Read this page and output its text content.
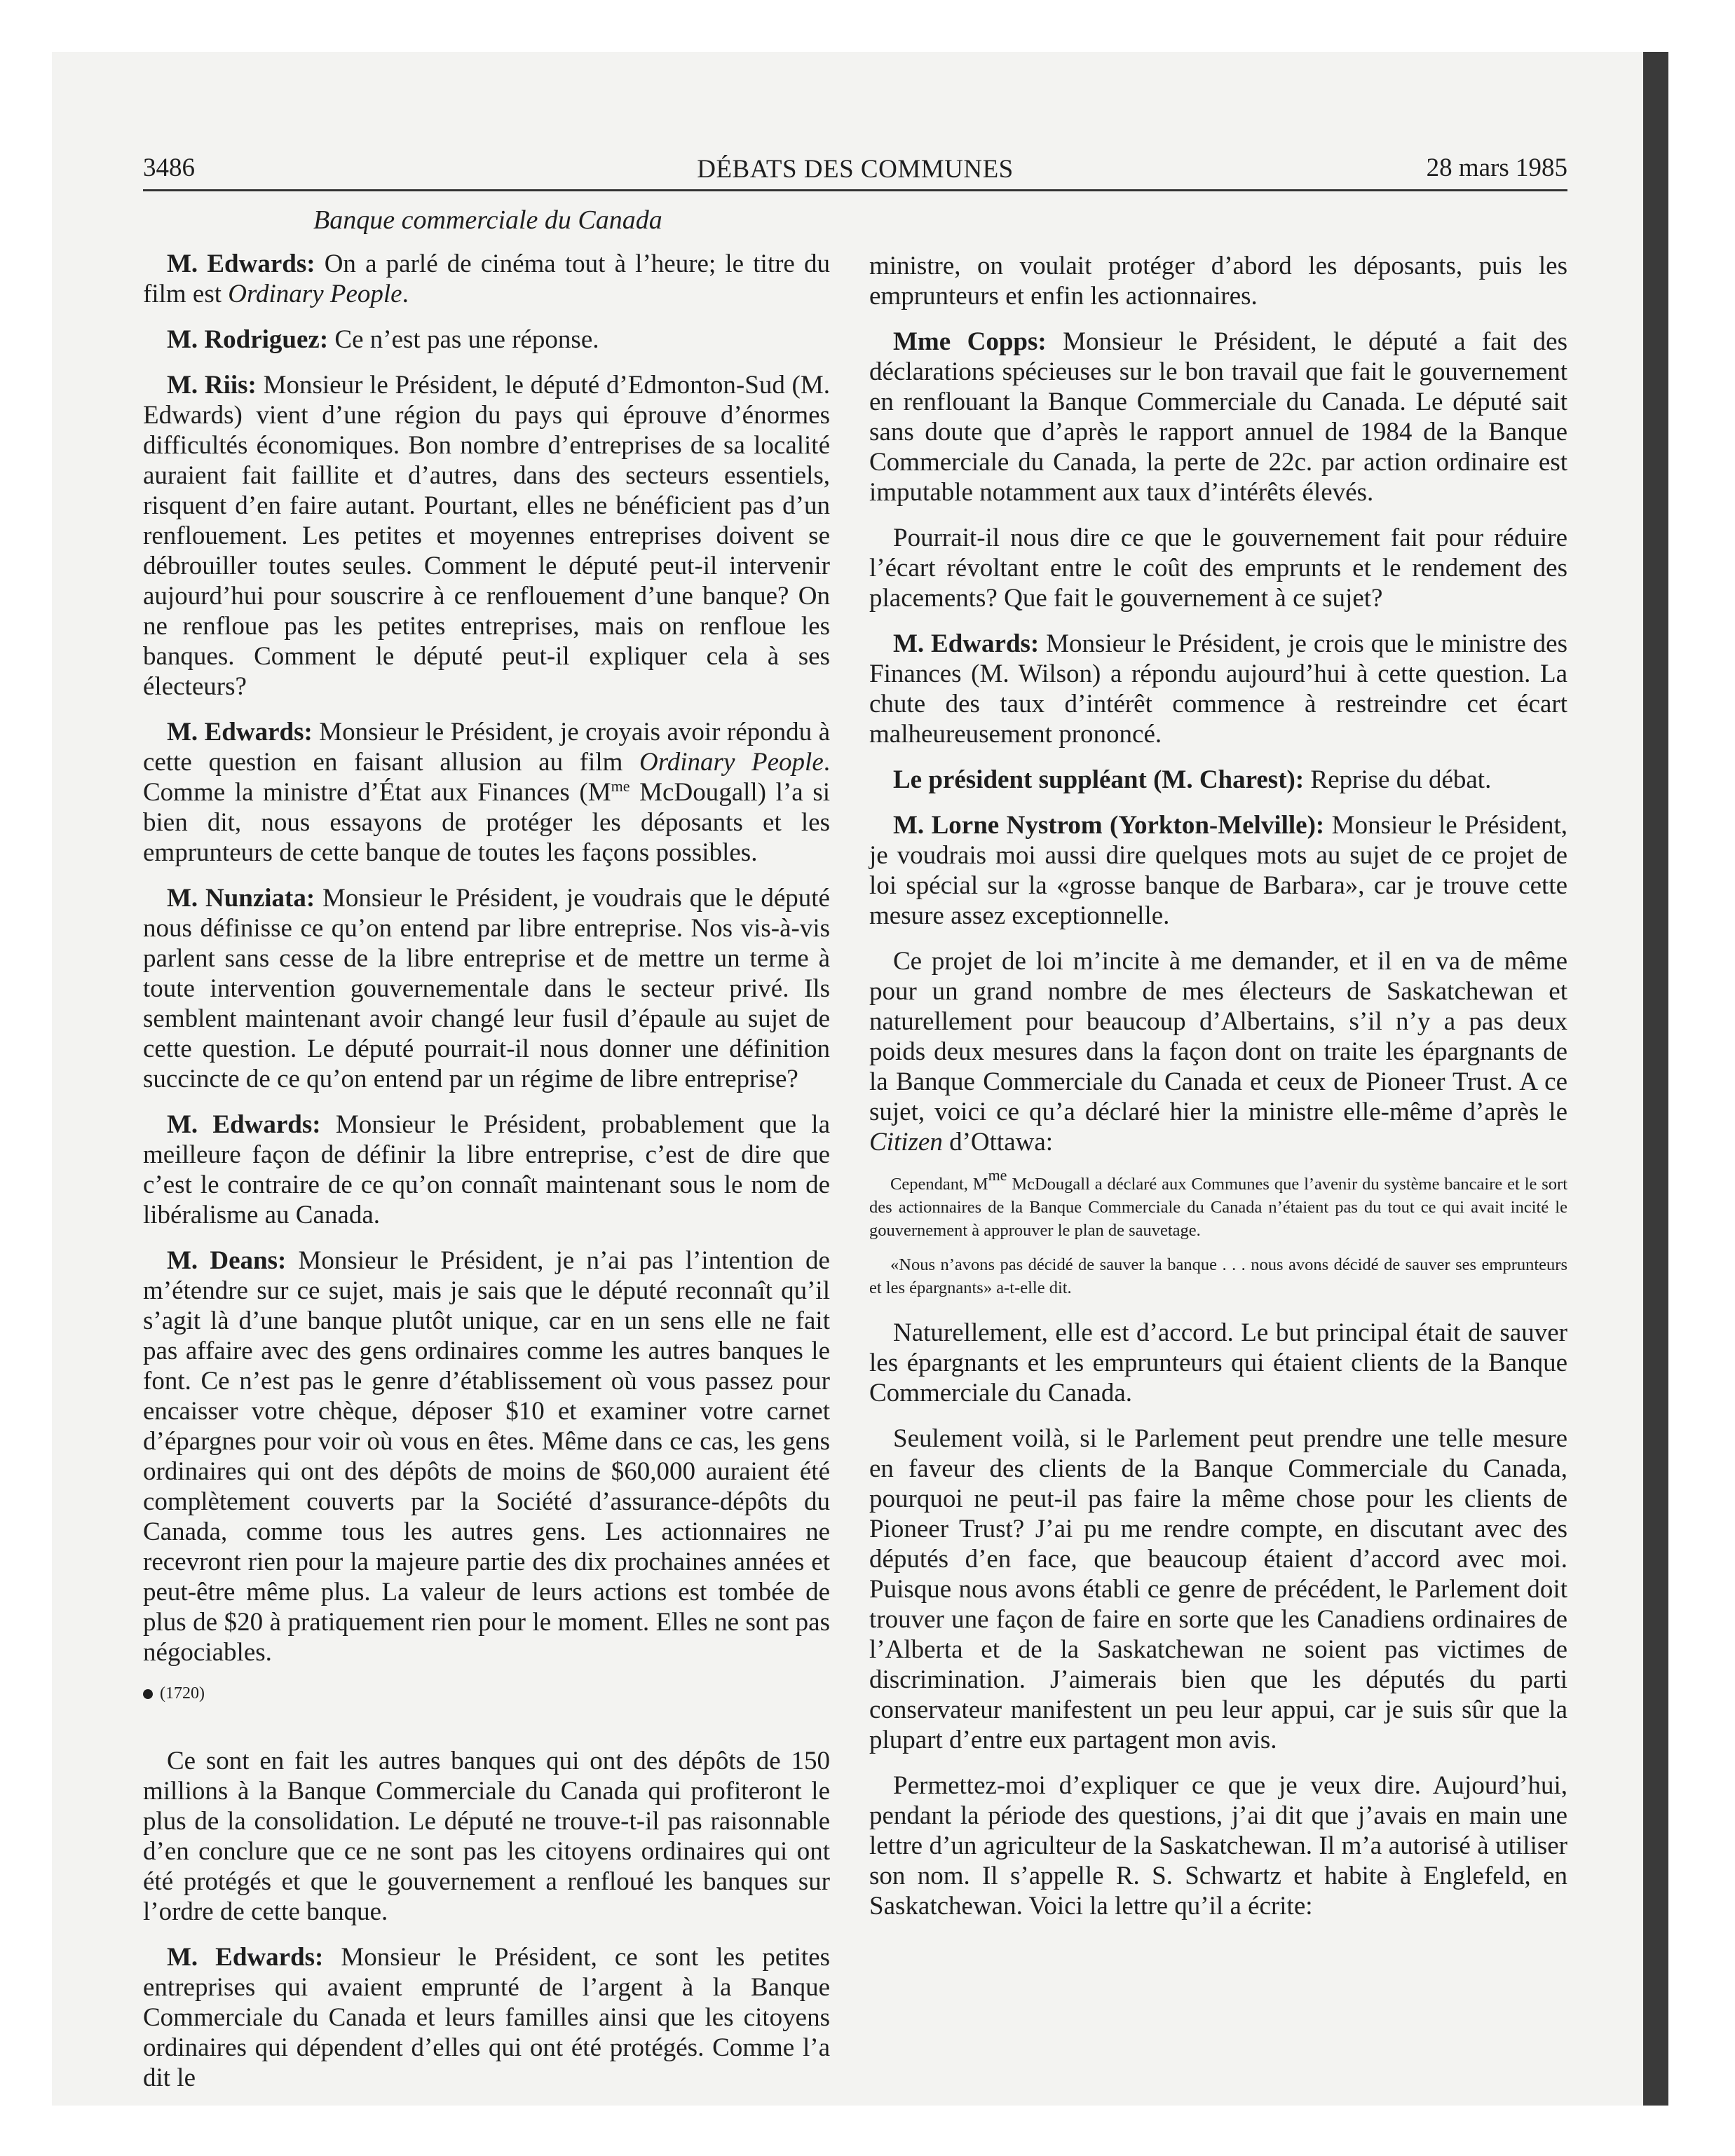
3486	DÉBATS DES COMMUNES	28 mars 1985
Banque commerciale du Canada

M. Edwards: On a parlé de cinéma tout à l’heure; le titre du film est Ordinary People.

M. Rodriguez: Ce n’est pas une réponse.

M. Riis: Monsieur le Président, le député d’Edmonton-Sud (M. Edwards) vient d’une région du pays qui éprouve d’énormes difficultés économiques. Bon nombre d’entreprises de sa localité auraient fait faillite et d’autres, dans des secteurs essentiels, risquent d’en faire autant. Pourtant, elles ne bénéficient pas d’un renflouement. Les petites et moyennes entreprises doivent se débrouiller toutes seules. Comment le député peut-il intervenir aujourd’hui pour souscrire à ce renflouement d’une banque? On ne renfloue pas les petites entreprises, mais on renfloue les banques. Comment le député peut-il expliquer cela à ses électeurs?

M. Edwards: Monsieur le Président, je croyais avoir répondu à cette question en faisant allusion au film Ordinary People. Comme la ministre d’État aux Finances ($M^{me}$ McDougall) l’a si bien dit, nous essayons de protéger les déposants et les emprunteurs de cette banque de toutes les façons possibles.

M. Nunziata: Monsieur le Président, je voudrais que le député nous définisse ce qu’on entend par libre entreprise. Nos vis-à-vis parlent sans cesse de la libre entreprise et de mettre un terme à toute intervention gouvernementale dans le secteur privé. Ils semblent maintenant avoir changé leur fusil d’épaule au sujet de cette question. Le député pourrait-il nous donner une définition succincte de ce qu’on entend par un régime de libre entreprise?

M. Edwards: Monsieur le Président, probablement que la meilleure façon de définir la libre entreprise, c’est de dire que c’est le contraire de ce qu’on connaît maintenant sous le nom de libéralisme au Canada.

M. Deans: Monsieur le Président, je n’ai pas l’intention de m’étendre sur ce sujet, mais je sais que le député reconnaît qu’il s’agit là d’une banque plutôt unique, car en un sens elle ne fait pas affaire avec des gens ordinaires comme les autres banques le font. Ce n’est pas le genre d’établissement où vous passez pour encaisser votre chèque, déposer $10 et examiner votre carnet d’épargnes pour voir où vous en êtes. Même dans ce cas, les gens ordinaires qui ont des dépôts de moins de $60,000 auraient été complètement couverts par la Société d’assurance-dépôts du Canada, comme tous les autres gens. Les actionnaires ne recevront rien pour la majeure partie des dix prochaines années et peut-être même plus. La valeur de leurs actions est tombée de plus de $20 à pratiquement rien pour le moment. Elles ne sont pas négociables.

(1720)

Ce sont en fait les autres banques qui ont des dépôts de 150 millions à la Banque Commerciale du Canada qui profiteront le plus de la consolidation. Le député ne trouve-t-il pas raisonnable d’en conclure que ce ne sont pas les citoyens ordinaires qui ont été protégés et que le gouvernement a renfloué les banques sur l’ordre de cette banque.

M. Edwards: Monsieur le Président, ce sont les petites entreprises qui avaient emprunté de l’argent à la Banque Commerciale du Canada et leurs familles ainsi que les citoyens ordinaires qui dépendent d’elles qui ont été protégés. Comme l’a dit le

ministre, on voulait protéger d’abord les déposants, puis les emprunteurs et enfin les actionnaires.

Mme Copps: Monsieur le Président, le député a fait des déclarations spécieuses sur le bon travail que fait le gouvernement en renflouant la Banque Commerciale du Canada. Le député sait sans doute que d’après le rapport annuel de 1984 de la Banque Commerciale du Canada, la perte de 22c. par action ordinaire est imputable notamment aux taux d’intérêts élevés.

Pourrait-il nous dire ce que le gouvernement fait pour réduire l’écart révoltant entre le coût des emprunts et le rendement des placements? Que fait le gouvernement à ce sujet?

M. Edwards: Monsieur le Président, je crois que le ministre des Finances (M. Wilson) a répondu aujourd’hui à cette question. La chute des taux d’intérêt commence à restreindre cet écart malheureusement prononcé.

Le président suppléant (M. Charest): Reprise du débat.

M. Lorne Nystrom (Yorkton-Melville): Monsieur le Président, je voudrais moi aussi dire quelques mots au sujet de ce projet de loi spécial sur la «grosse banque de Barbara», car je trouve cette mesure assez exceptionnelle.

Ce projet de loi m’incite à me demander, et il en va de même pour un grand nombre de mes électeurs de Saskatchewan et naturellement pour beaucoup d’Albertains, s’il n’y a pas deux poids deux mesures dans la façon dont on traite les épargnants de la Banque Commerciale du Canada et ceux de Pioneer Trust. A ce sujet, voici ce qu’a déclaré hier la ministre elle-même d’après le Citizen d’Ottawa:

Cependant, $M^{me}$ McDougall a déclaré aux Communes que l’avenir du système bancaire et le sort des actionnaires de la Banque Commerciale du Canada n’étaient pas du tout ce qui avait incité le gouvernement à approuver le plan de sauvetage.

«Nous n’avons pas décidé de sauver la banque . . . nous avons décidé de sauver ses emprunteurs et les épargnants» a-t-elle dit.

Naturellement, elle est d’accord. Le but principal était de sauver les épargnants et les emprunteurs qui étaient clients de la Banque Commerciale du Canada.

Seulement voilà, si le Parlement peut prendre une telle mesure en faveur des clients de la Banque Commerciale du Canada, pourquoi ne peut-il pas faire la même chose pour les clients de Pioneer Trust? J’ai pu me rendre compte, en discutant avec des députés d’en face, que beaucoup étaient d’accord avec moi. Puisque nous avons établi ce genre de précédent, le Parlement doit trouver une façon de faire en sorte que les Canadiens ordinaires de l’Alberta et de la Saskatchewan ne soient pas victimes de discrimination. J’aimerais bien que les députés du parti conservateur manifestent un peu leur appui, car je suis sûr que la plupart d’entre eux partagent mon avis.

Permettez-moi d’expliquer ce que je veux dire. Aujourd’hui, pendant la période des questions, j’ai dit que j’avais en main une lettre d’un agriculteur de la Saskatchewan. Il m’a autorisé à utiliser son nom. Il s’appelle R. S. Schwartz et habite à Englefeld, en Saskatchewan. Voici la lettre qu’il a écrite:
